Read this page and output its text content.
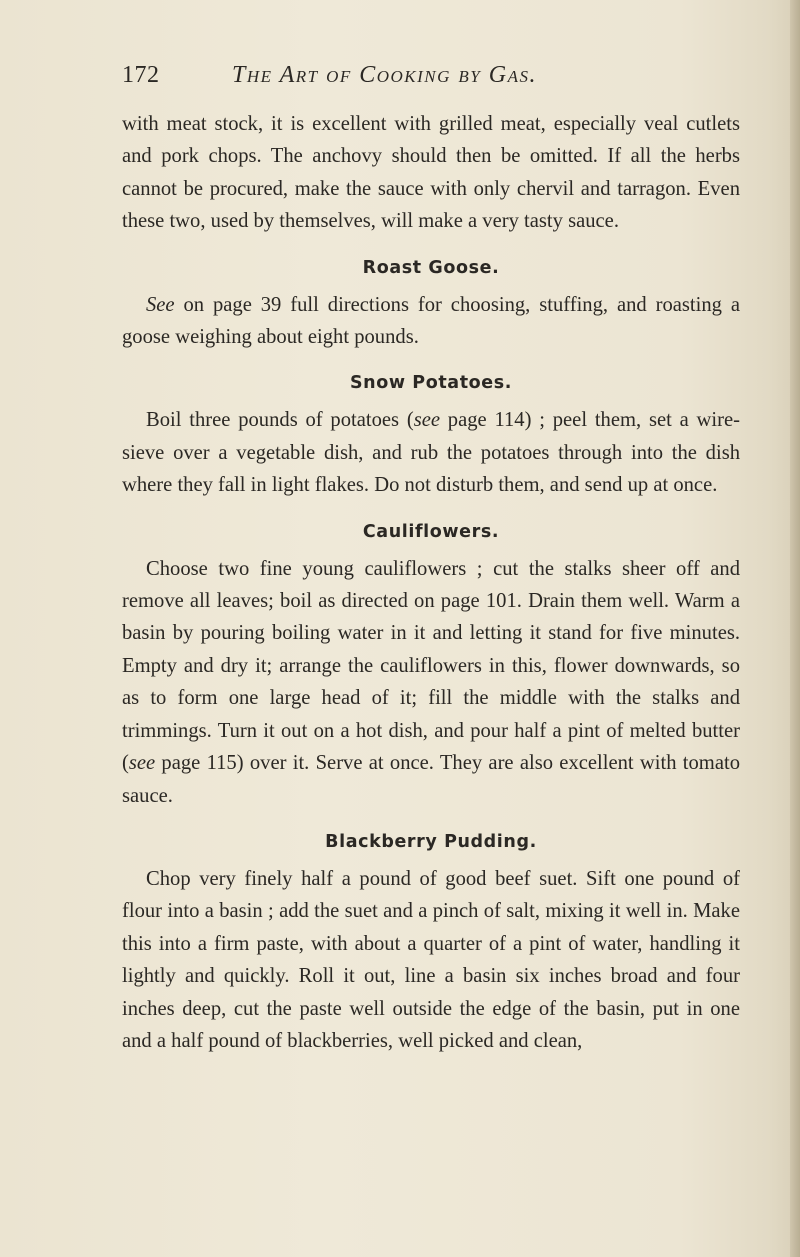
172	The Art of Cooking by Gas.

with meat stock, it is excellent with grilled meat, especially veal cutlets and pork chops. The anchovy should then be omitted. If all the herbs cannot be procured, make the sauce with only chervil and tarragon. Even these two, used by themselves, will make a very tasty sauce.

Roast Goose.

See on page 39 full directions for choosing, stuffing, and roasting a goose weighing about eight pounds.

Snow Potatoes.

Boil three pounds of potatoes (see page 114) ; peel them, set a wire-sieve over a vegetable dish, and rub the potatoes through into the dish where they fall in light flakes. Do not disturb them, and send up at once.

Cauliflowers.

Choose two fine young cauliflowers ; cut the stalks sheer off and remove all leaves; boil as directed on page 101. Drain them well. Warm a basin by pouring boiling water in it and letting it stand for five minutes. Empty and dry it; arrange the cauliflowers in this, flower downwards, so as to form one large head of it; fill the middle with the stalks and trimmings. Turn it out on a hot dish, and pour half a pint of melted butter (see page 115) over it. Serve at once. They are also excellent with tomato sauce.

Blackberry Pudding.

Chop very finely half a pound of good beef suet. Sift one pound of flour into a basin ; add the suet and a pinch of salt, mixing it well in. Make this into a firm paste, with about a quarter of a pint of water, handling it lightly and quickly. Roll it out, line a basin six inches broad and four inches deep, cut the paste well outside the edge of the basin, put in one and a half pound of blackberries, well picked and clean,
